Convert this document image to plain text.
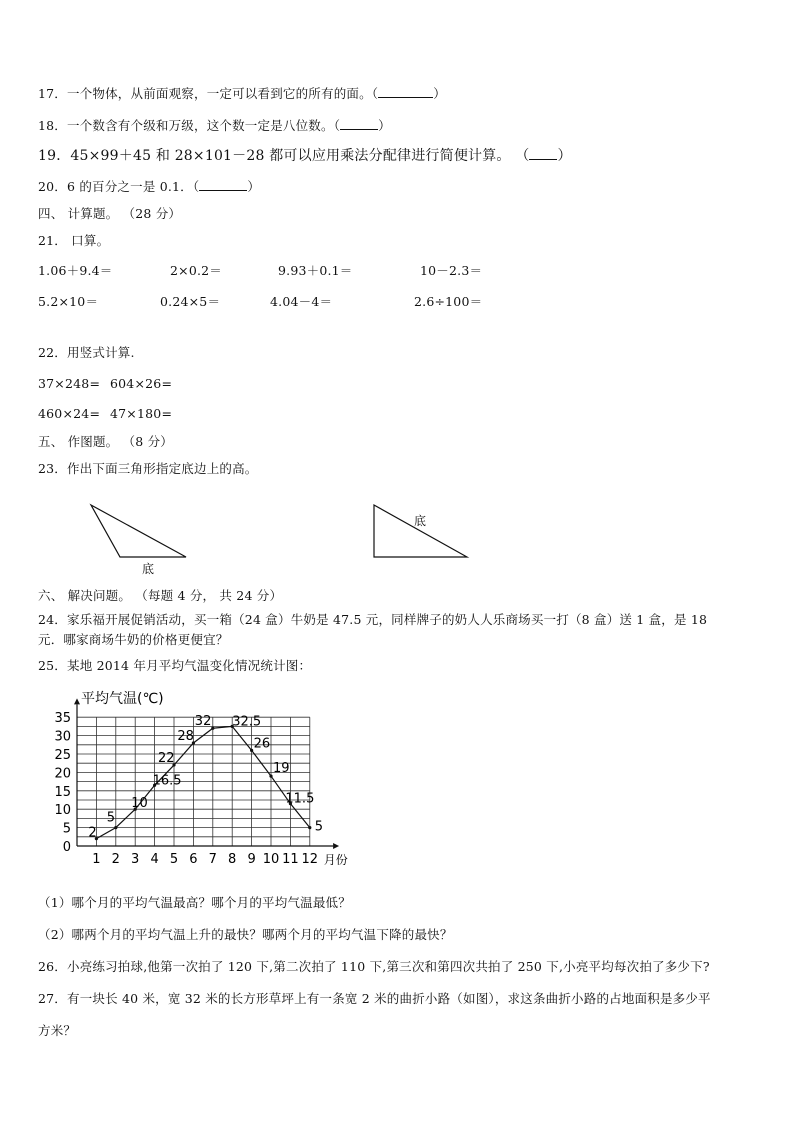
17．一个物体，从前面观察，一定可以看到它的所有的面。（	）
18．一个数含有个级和万级，这个数一定是八位数。（	）
19．45×99＋45 和 28×101－28 都可以应用乘法分配律进行简便计算。 （ ）
20．6 的百分之一是 0.1．（	）
四、 计算题。 （28 分）
21． 口算。
1.06＋9.4＝	2×0.2＝	9.93＋0.1＝	10－2.3＝
5.2×10＝	0.24×5＝	4.04－4＝	2.6÷100＝
22．用竖式计算.
37×248= 604×26=
460×24= 47×180=
五、 作图题。 （8 分）
23．作出下面三角形指定底边上的高。
底
底
六、 解决问题。 （每题 4 分， 共 24 分）
24．家乐福开展促销活动，买一箱（24 盒）牛奶是 47.5 元，同样牌子的奶人人乐商场买一打（8 盒）送 1 盒，是 18
元．哪家商场牛奶的价格更便宜？
25．某地 2014 年月平均气温变化情况统计图：
0
5
10
15
20
25
30
35
1 2 3 4 5 6 7 8 9 10 11 12
2
5
10
16.5
22
28
32 32.5
26
19
11.5
5
平均气温(℃)
月份
（1）哪个月的平均气温最高？哪个月的平均气温最低？
（2）哪两个月的平均气温上升的最快？哪两个月的平均气温下降的最快？
26．小亮练习拍球,他第一次拍了 120 下,第二次拍了 110 下,第三次和第四次共拍了 250 下,小亮平均每次拍了多少下?
27．有一块长 40 米，宽 32 米的长方形草坪上有一条宽 2 米的曲折小路（如图），求这条曲折小路的占地面积是多少平
方米？
